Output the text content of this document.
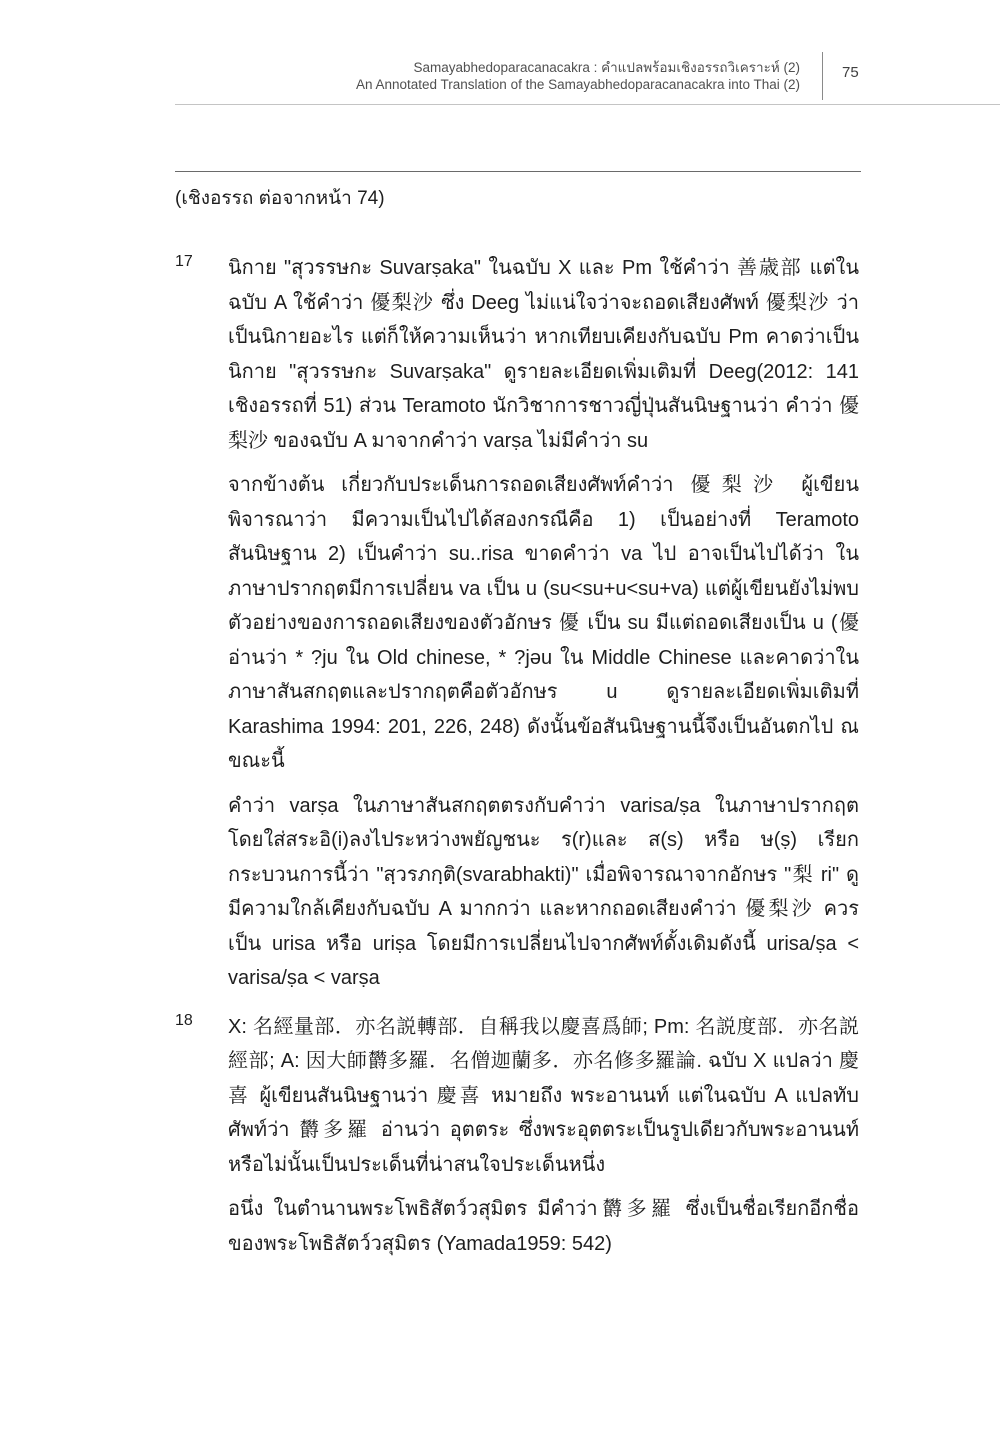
Samayabhedoparacanacakra : คำแปลพร้อมเชิงอรรถวิเคราะห์ (2)
An Annotated Translation of the Samayabhedoparacanacakra into Thai (2)
75
(เชิงอรรถ ต่อจากหน้า 74)
17	นิกาย "สุวรรษกะ Suvarṣaka" ในฉบับ X และ Pm ใช้คำว่า 善歳部 แต่ในฉบับ A ใช้คำว่า 優梨沙 ซึ่ง Deeg ไม่แน่ใจว่าจะถอดเสียงศัพท์ 優梨沙 ว่าเป็นนิกายอะไร แต่ก็ให้ความเห็นว่า หากเทียบเคียงกับฉบับ Pm คาดว่าเป็นนิกาย "สุวรรษกะ Suvarṣaka" ดูรายละเอียดเพิ่มเติมที่ Deeg(2012: 141 เชิงอรรถที่ 51) ส่วน Teramoto นักวิชาการชาวญี่ปุ่นสันนิษฐานว่า คำว่า 優梨沙 ของฉบับ A มาจากคำว่า varṣa ไม่มีคำว่า su

จากข้างต้น เกี่ยวกับประเด็นการถอดเสียงศัพท์คำว่า 優梨沙 ผู้เขียนพิจารณาว่า มีความเป็นไปได้สองกรณีคือ 1) เป็นอย่างที่ Teramoto สันนิษฐาน 2) เป็นคำว่า su..risa ขาดคำว่า va ไป อาจเป็นไปได้ว่า ในภาษาปรากฤตมีการเปลี่ยน va เป็น u (su<su+u<su+va) แต่ผู้เขียนยังไม่พบตัวอย่างของการถอดเสียงของตัวอักษร 優 เป็น su มีแต่ถอดเสียงเป็น u (優 อ่านว่า * ?ju ใน Old chinese, * ?jəu ใน Middle Chinese และคาดว่าในภาษาสันสกฤตและปรากฤตคือตัวอักษร u ดูรายละเอียดเพิ่มเติมที่ Karashima 1994: 201, 226, 248) ดังนั้นข้อสันนิษฐานนี้จึงเป็นอันตกไป ณ ขณะนี้

คำว่า varṣa ในภาษาสันสกฤตตรงกับคำว่า varisa/ṣa ในภาษาปรากฤต โดยใส่สระอิ(i)ลงไประหว่างพยัญชนะ ร(r)และ ส(s) หรือ ษ(ṣ) เรียกกระบวนการนี้ว่า "สฺวรภกฺติ(svarabhakti)" เมื่อพิจารณาจากอักษร "梨 ri" ดูมีความใกล้เคียงกับฉบับ A มากกว่า และหากถอดเสียงคำว่า 優梨沙 ควรเป็น urisa หรือ uriṣa โดยมีการเปลี่ยนไปจากศัพท์ดั้งเดิมดังนี้ urisa/ṣa < varisa/ṣa < varṣa

18	X: 名經量部．亦名説轉部．自稱我以慶喜爲師; Pm: 名説度部．亦名説經部; A: 因大師欝多羅．名僧迦蘭多．亦名修多羅論. ฉบับ X แปลว่า 慶喜 ผู้เขียนสันนิษฐานว่า 慶喜 หมายถึง พระอานนท์ แต่ในฉบับ A แปลทับศัพท์ว่า 欝多羅 อ่านว่า อุตตระ ซึ่งพระอุตตระเป็นรูปเดียวกับพระอานนท์หรือไม่นั้นเป็นประเด็นที่น่าสนใจประเด็นหนึ่ง

อนึ่ง ในตำนานพระโพธิสัตว์วสุมิตร มีคำว่า欝多羅 ซึ่งเป็นชื่อเรียกอีกชื่อของพระโพธิสัตว์วสุมิตร (Yamada1959: 542)
